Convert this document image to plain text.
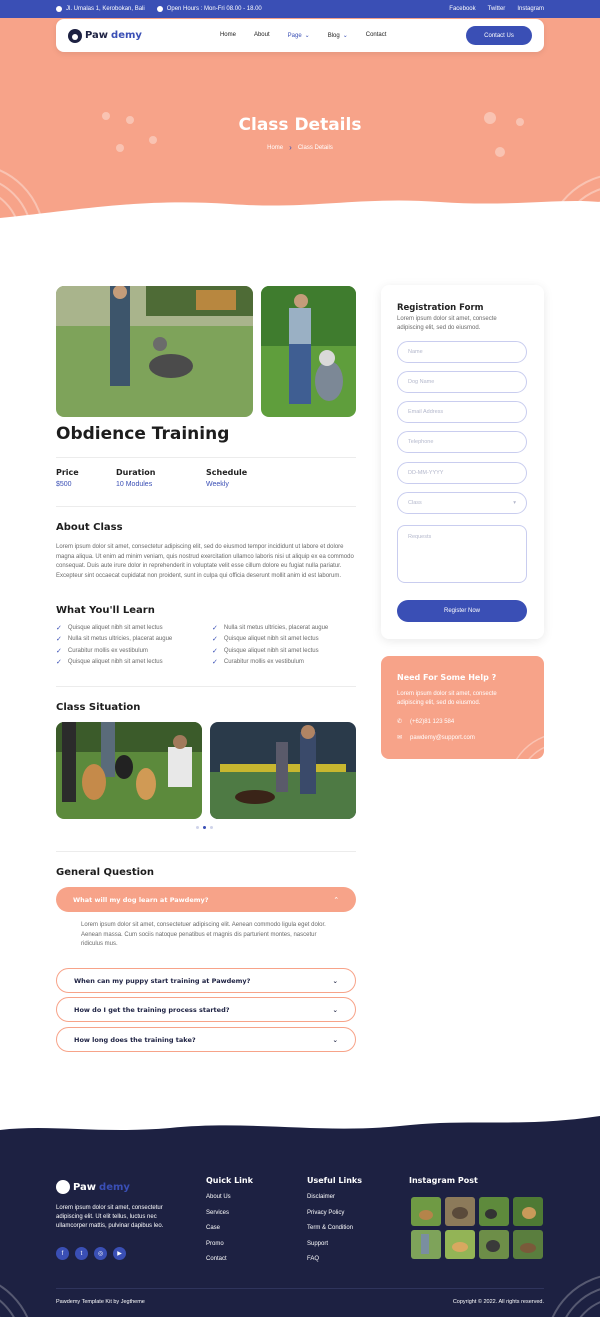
Jl. Umalas 1, Kerobokan, Bali	Open Hours : Mon-Fri 08.00 - 18.00	Facebook Twitter Instagram
Class Details
Home › Class Details
Paw demy	Home	About	Page ⌄	Blog ⌄	Contact	Contact Us
Obdience Training
Price
$500
Duration
10 Modules
Schedule
Weekly
About Class
Lorem ipsum dolor sit amet, consectetur adipiscing elit, sed do eiusmod tempor incididunt ut labore et dolore magna aliqua. Ut enim ad minim veniam, quis nostrud exercitation ullamco laboris nisi ut aliquip ex ea commodo consequat. Duis aute irure dolor in reprehenderit in voluptate velit esse cillum dolore eu fugiat nulla pariatur. Excepteur sint occaecat cupidatat non proident, sunt in culpa qui officia deserunt mollit anim id est laborum.
What You'll Learn
✓ Quisque aliquet nibh sit amet lectus	✓ Nulla sit metus ultricies, placerat augue
✓ Nulla sit metus ultricies, placerat augue	✓ Quisque aliquet nibh sit amet lectus
✓ Curabitur mollis ex vestibulum	✓ Quisque aliquet nibh sit amet lectus
✓ Quisque aliquet nibh sit amet lectus	✓ Curabitur mollis ex vestibulum
Class Situation
General Question
What will my dog learn at Pawdemy?	⌃
Lorem ipsum dolor sit amet, consectetuer adipiscing elit. Aenean commodo ligula eget dolor. Aenean massa. Cum sociis natoque penatibus et magnis dis parturient montes, nascetur ridiculus mus.
When can my puppy start training at Pawdemy?	⌄
How do I get the training process started?	⌄
How long does the training take?	⌄
Registration Form
Lorem ipsum dolor sit amet, consecte adipiscing elit, sed do eiusmod.
Name
Dog Name
Email Address
Telephone
DD-MM-YYYY
Class	▾
Requests
Register Now
Need For Some Help ?
Lorem ipsum dolor sit amet, consecte adipiscing elit, sed do eiusmod.
✆ (+62)81 123 584
✉ pawdemy@support.com
Paw demy
Lorem ipsum dolor sit amet, consectetur adipiscing elit. Ut elit tellus, luctus nec ullamcorper mattis, pulvinar dapibus leo.
f	t	◎	▶
Quick Link
About Us
Services
Case
Promo
Contact
Useful Links
Disclaimer
Privacy Policy
Term & Condition
Support
FAQ
Instagram Post
Pawdemy Template Kit by Jegtheme	Copyright © 2022. All rights reserved.
